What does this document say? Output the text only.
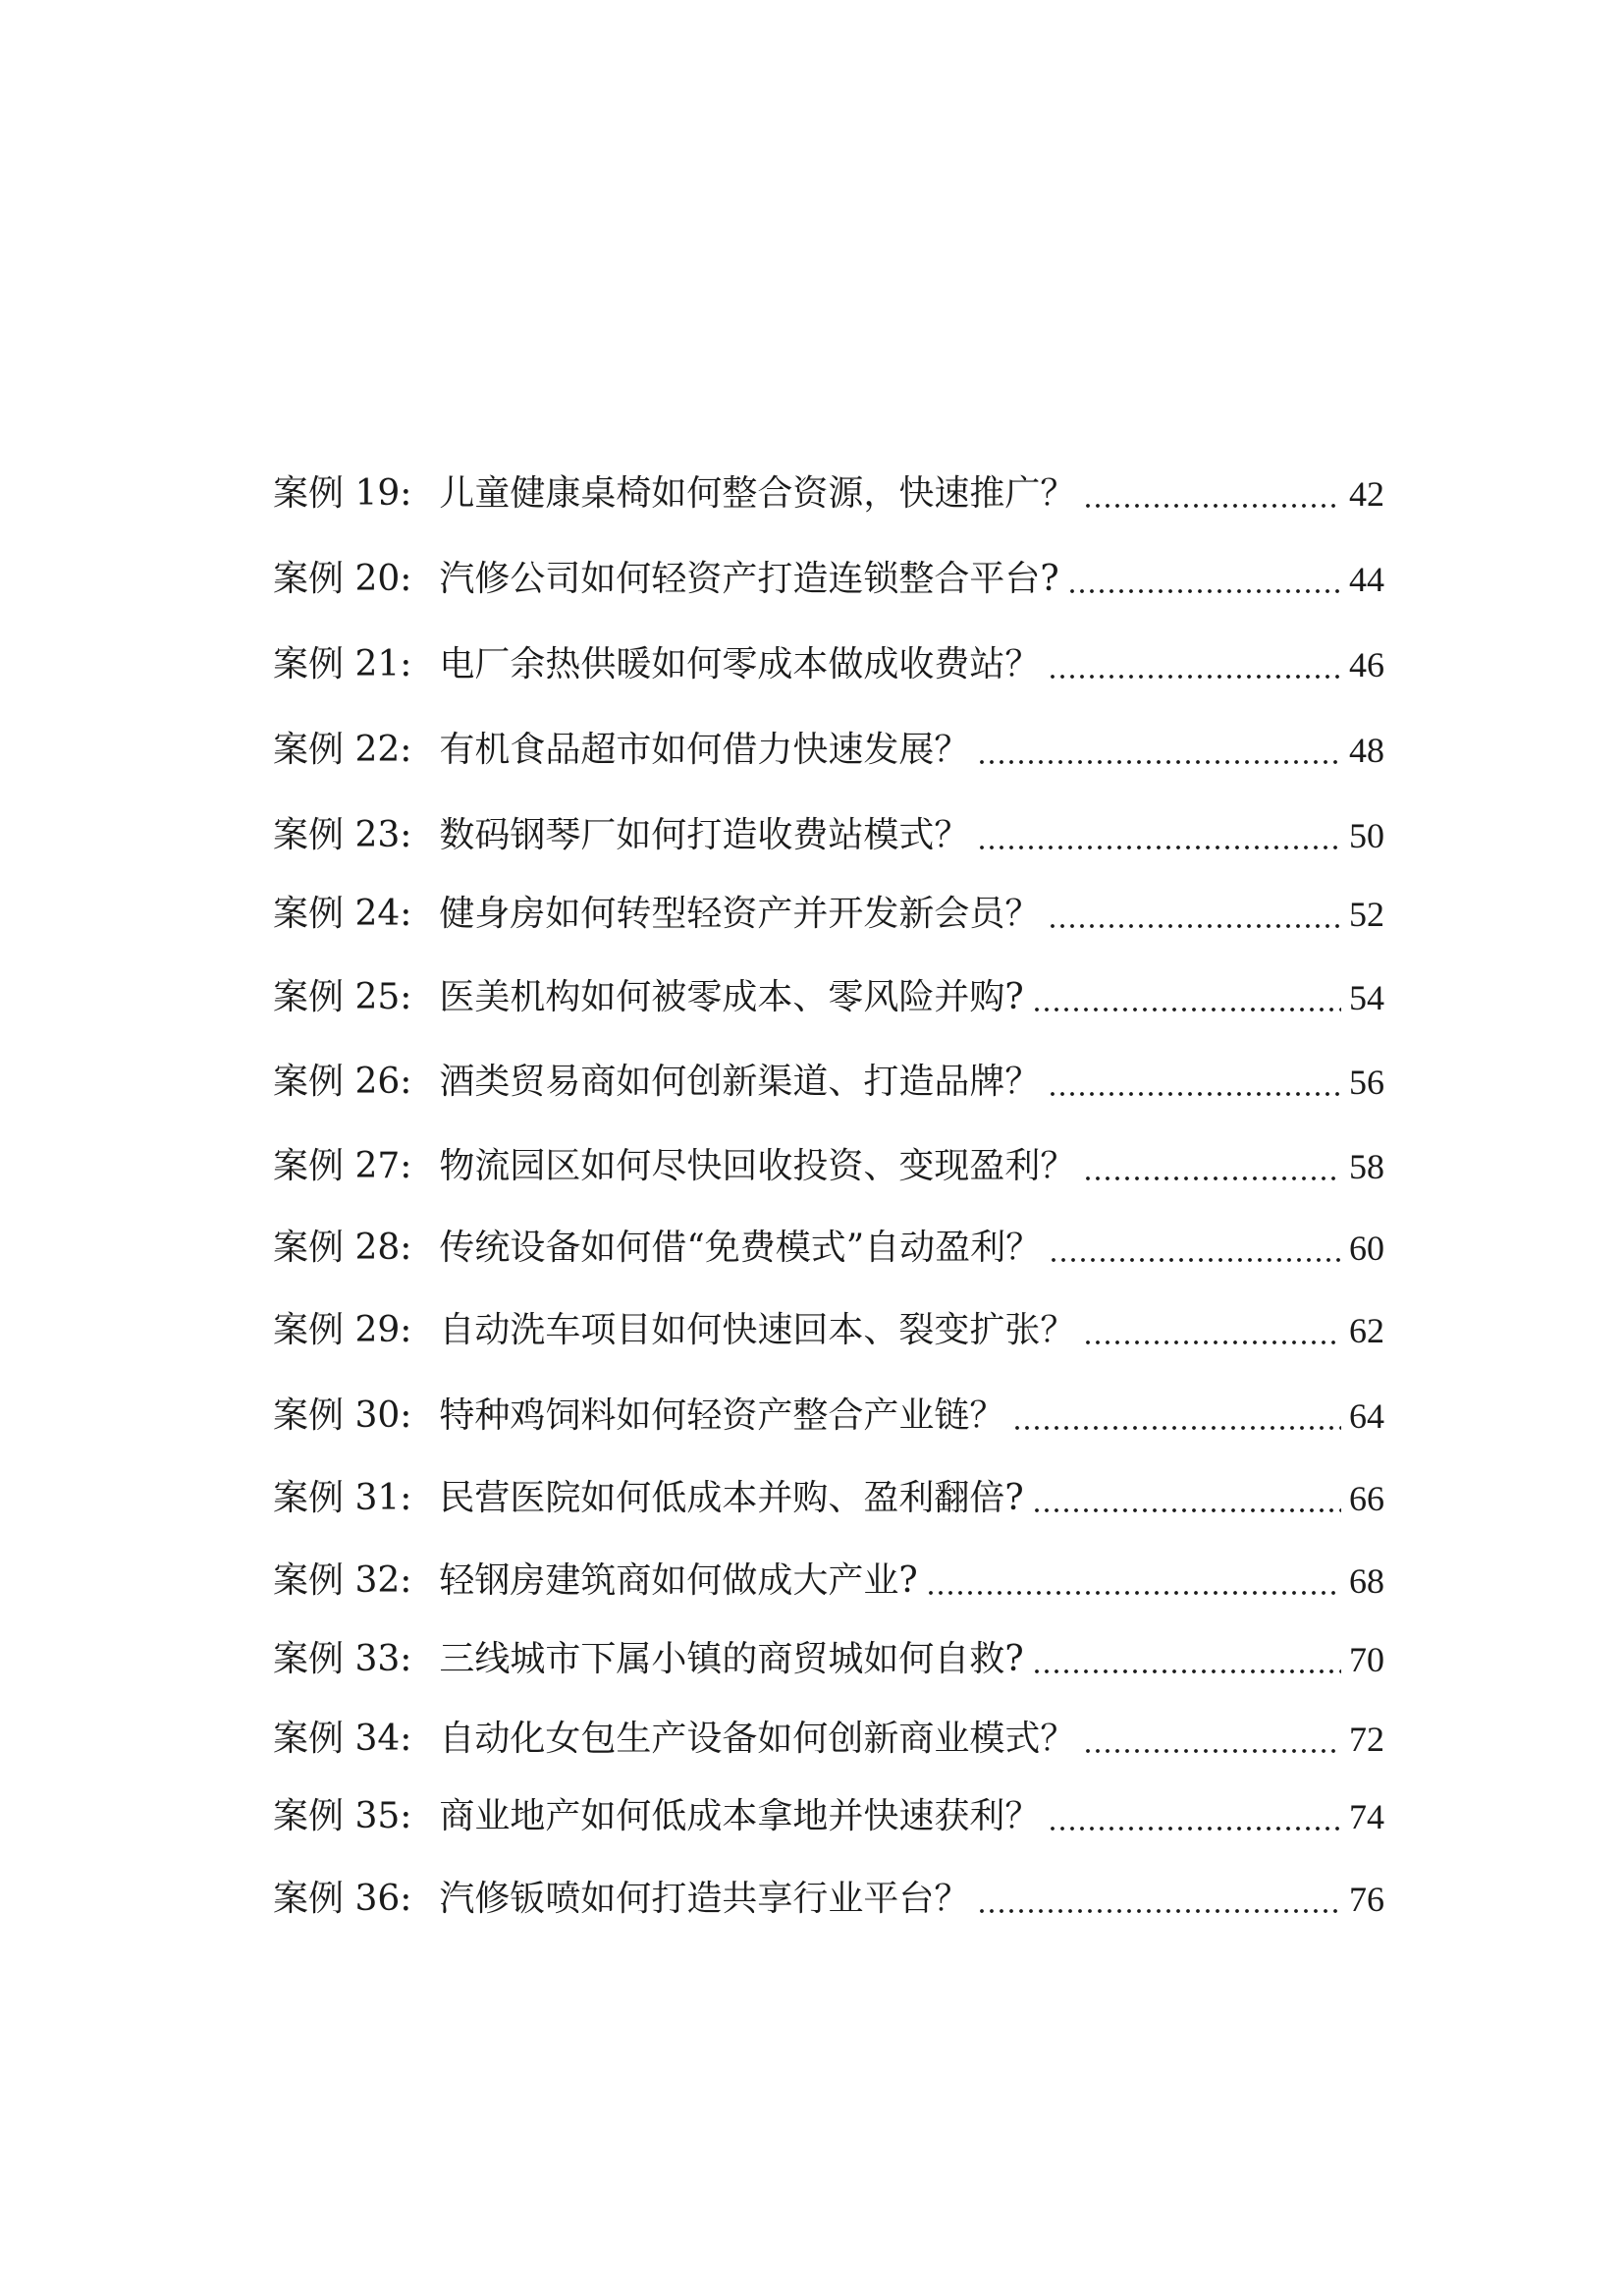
案例 19: 儿童健康桌椅如何整合资源，快速推广？	42
案例 20: 汽修公司如何轻资产打造连锁整合平台?	44
案例 21: 电厂余热供暖如何零成本做成收费站？	46
案例 22: 有机食品超市如何借力快速发展？	48
案例 23: 数码钢琴厂如何打造收费站模式？	50
案例 24: 健身房如何转型轻资产并开发新会员？	52
案例 25: 医美机构如何被零成本、零风险并购?	54
案例 26: 酒类贸易商如何创新渠道、打造品牌？	56
案例 27: 物流园区如何尽快回收投资、变现盈利？	58
案例 28: 传统设备如何借“免费模式”自动盈利？	60
案例 29: 自动洗车项目如何快速回本、裂变扩张？	62
案例 30: 特种鸡饲料如何轻资产整合产业链？	64
案例 31: 民营医院如何低成本并购、盈利翻倍?	66
案例 32: 轻钢房建筑商如何做成大产业?	68
案例 33: 三线城市下属小镇的商贸城如何自救?	70
案例 34: 自动化女包生产设备如何创新商业模式？	72
案例 35: 商业地产如何低成本拿地并快速获利？	74
案例 36: 汽修钣喷如何打造共享行业平台？	76
